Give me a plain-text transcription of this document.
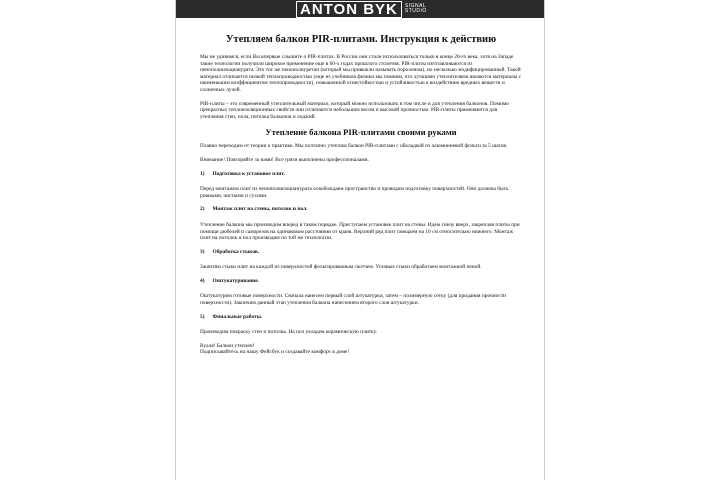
ANTON BYK	SIGNAL STUDIO
Утепляем балкон PIR-плитами. Инструкция к действию

Мы не удивимся, если Вы впервые слышите о PIR-плитах. В России они стали использоваться только в конце 20-го века, хотя на Западе такие технологии получили широкое применение еще в 60-х годах прошлого столетия. PIR-плиты изготавливаются из пенополиизоцианурата. Это тот же пенополиуретан (который мы привыкли называть поролоном), но несколько модифицированный. Такой материал отличается низкой теплопроводностью (еще из учебников физики мы помним, что лучшими утеплителями являются материалы с наименьшим коэффициентом теплопроводности), повышенной огнестойкостью и устойчивостью к воздействию вредных веществ и солнечных лучей.

PIR-плиты – это современный утеплительный материал, который можно использовать в том числе и для утепления балконов. Помимо прекрасных теплоизоляционных свойств они отличаются небольшим весом и высокой прочностью. PIR-плиты применяются для утепления стен, пола, потолка балконов и лоджий.

Утепление балкона PIR-плитами своими руками

Плавно переходим от теории к практике. Мы поэтапно утеплим балкон PIR-плитами с обкладкой из алюминиевой фольги за 5 шагов.

Внимание! Повторяйте за нами! Все грязи выполнены профессионалами.

1) Подготовка к установке плит.

Перед монтажом плит из пенополиизоцианурата освобождаем пространство и проводим подготовку поверхностей. Они должны быть ровными, чистыми и сухими.

2) Монтаж плит на стены, потолок и пол.

Утепление балкона мы производим вперед в таком порядке. Приступаем установке плит на стены. Идем снизу вверх, закрепляя плиты при помощи дюбелей и саморезов на одинаковом расстоянии от краев. Верхний ряд плит смещаем на 10 см относительно нижнего. Монтаж плит на потолок и пол производим по той же технологии.

3) Обработка стыков.

Зашитим стыки плит на каждой из поверхностей фольгированным скотчем. Угловые стыки обработаем монтажной пеной.

4) Оштукатуривание.

Оштукатурим готовые поверхности. Сначала нанесем первый слой штукатурки, затем – полимерную сетку (для придания прочности поверхности). Закончим данный этап утепления балкона нанесением второго слоя штукатурки.

5) Финальные работы.

Производим покраску стен и потолка. На пол укладем керамическую плитку.

Вуаля! Балкон утеплен!

Подписывайтесь на нашу Фейсбук и создавайте комфорт в доме!
